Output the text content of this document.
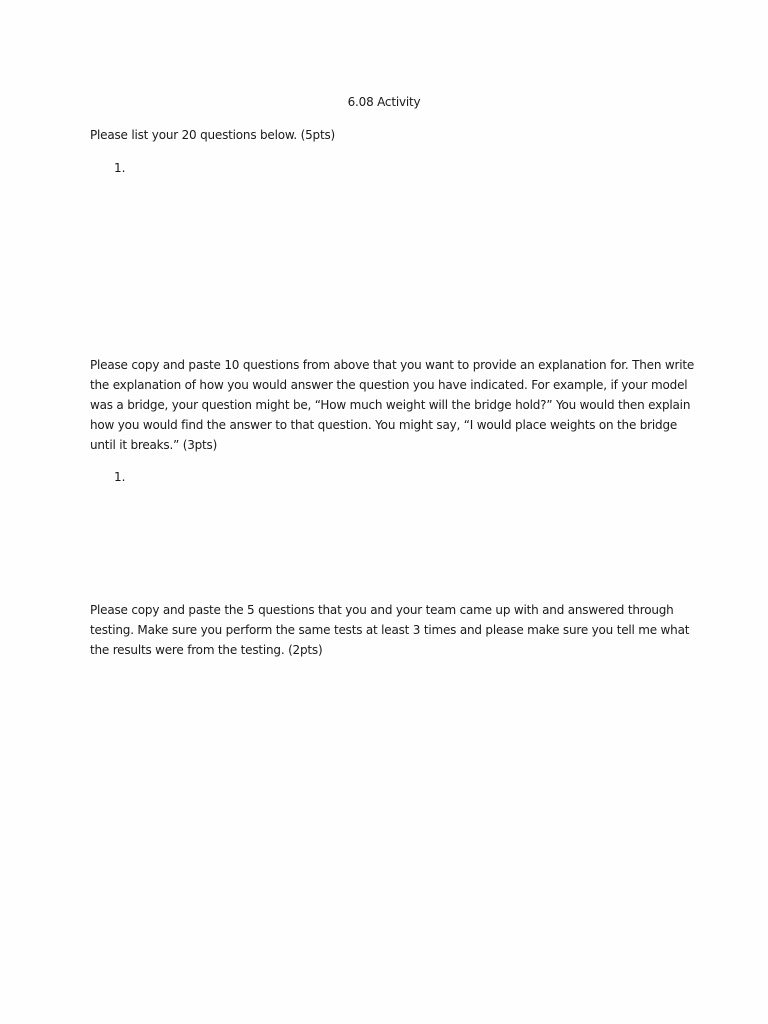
6.08 Activity
Please list your 20 questions below. (5pts)
1.
Please copy and paste 10 questions from above that you want to provide an explanation for. Then write
the explanation of how you would answer the question you have indicated. For example, if your model
was a bridge, your question might be, “How much weight will the bridge hold?” You would then explain
how you would find the answer to that question. You might say, “I would place weights on the bridge
until it breaks.” (3pts)
1.
Please copy and paste the 5 questions that you and your team came up with and answered through
testing. Make sure you perform the same tests at least 3 times and please make sure you tell me what
the results were from the testing. (2pts)
